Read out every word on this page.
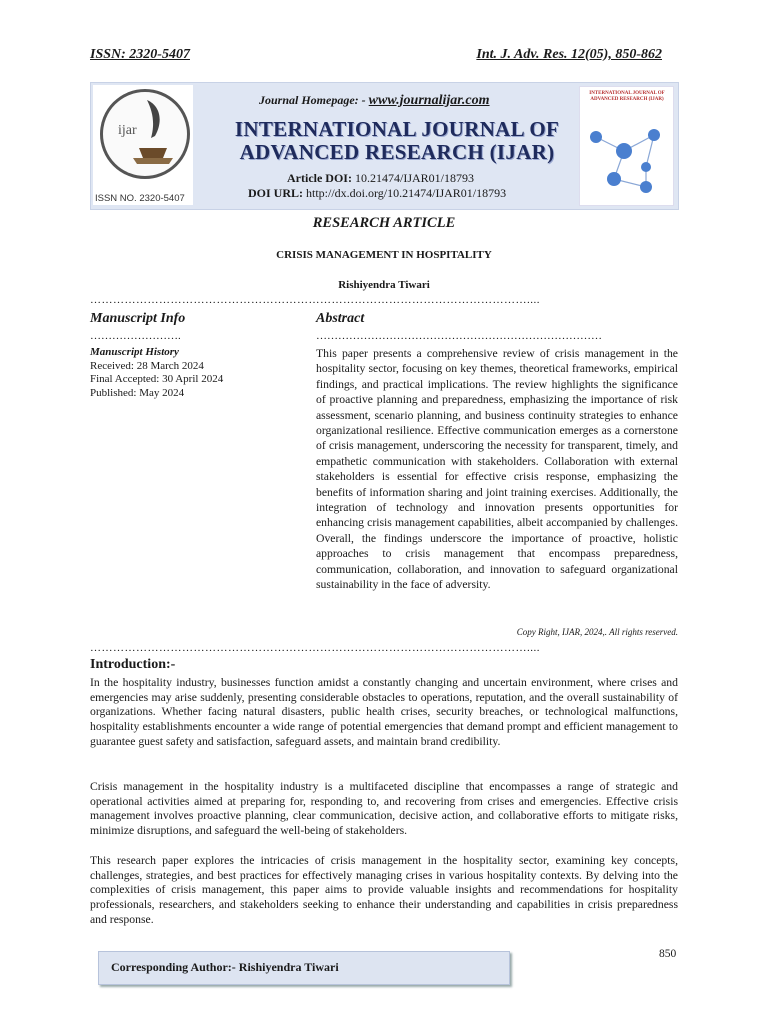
ISSN: 2320-5407	Int. J. Adv. Res. 12(05), 850-862
ijar
ISSN NO. 2320-5407
Journal Homepage: - www.journalijar.com
INTERNATIONAL JOURNAL OF ADVANCED RESEARCH (IJAR)
Article DOI: 10.21474/IJAR01/18793
DOI URL: http://dx.doi.org/10.21474/IJAR01/18793
INTERNATIONAL JOURNAL OF ADVANCED RESEARCH (IJAR)
RESEARCH ARTICLE
CRISIS MANAGEMENT IN HOSPITALITY
Rishiyendra Tiwari
……………………………………………………………………………………………………....
Manuscript Info
…………………….
Manuscript History
Received: 28 March 2024
Final Accepted: 30 April 2024
Published: May 2024
Abstract
……………………………………………………………………
This paper presents a comprehensive review of crisis management in the hospitality sector, focusing on key themes, theoretical frameworks, empirical findings, and practical implications. The review highlights the significance of proactive planning and preparedness, emphasizing the importance of risk assessment, scenario planning, and business continuity strategies to enhance organizational resilience. Effective communication emerges as a cornerstone of crisis management, underscoring the necessity for transparent, timely, and empathetic communication with stakeholders. Collaboration with external stakeholders is essential for effective crisis response, emphasizing the benefits of information sharing and joint training exercises. Additionally, the integration of technology and innovation presents opportunities for enhancing crisis management capabilities, albeit accompanied by challenges. Overall, the findings underscore the importance of proactive, holistic approaches to crisis management that encompass preparedness, communication, collaboration, and innovation to safeguard organizational sustainability in the face of adversity.
Copy Right, IJAR, 2024,. All rights reserved.
……………………………………………………………………………………………………....
Introduction:-
In the hospitality industry, businesses function amidst a constantly changing and uncertain environment, where crises and emergencies may arise suddenly, presenting considerable obstacles to operations, reputation, and the overall sustainability of organizations. Whether facing natural disasters, public health crises, security breaches, or technological malfunctions, hospitality establishments encounter a wide range of potential emergencies that demand prompt and efficient management to guarantee guest safety and satisfaction, safeguard assets, and maintain brand credibility.
Crisis management in the hospitality industry is a multifaceted discipline that encompasses a range of strategic and operational activities aimed at preparing for, responding to, and recovering from crises and emergencies. Effective crisis management involves proactive planning, clear communication, decisive action, and collaborative efforts to mitigate risks, minimize disruptions, and safeguard the well-being of stakeholders.
This research paper explores the intricacies of crisis management in the hospitality sector, examining key concepts, challenges, strategies, and best practices for effectively managing crises in various hospitality contexts. By delving into the complexities of crisis management, this paper aims to provide valuable insights and recommendations for hospitality professionals, researchers, and stakeholders seeking to enhance their understanding and capabilities in crisis preparedness and response.
850
Corresponding Author:- Rishiyendra Tiwari
